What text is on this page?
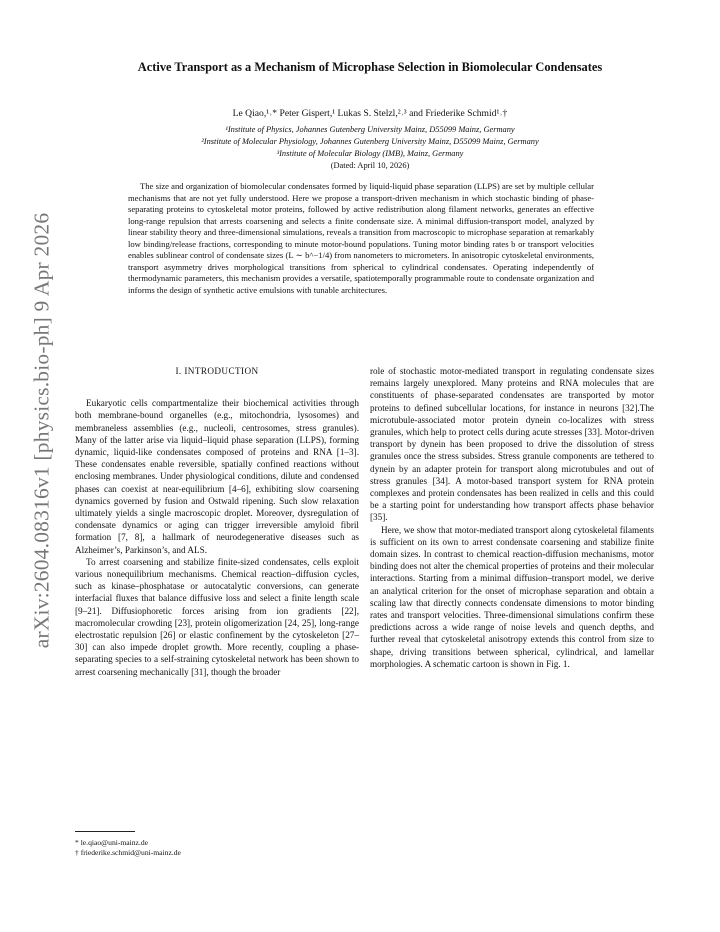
arXiv:2604.08316v1 [physics.bio-ph] 9 Apr 2026
Active Transport as a Mechanism of Microphase Selection in Biomolecular Condensates
Le Qiao,¹˒* Peter Gispert,¹ Lukas S. Stelzl,²˒³ and Friederike Schmid¹˒†
¹Institute of Physics, Johannes Gutenberg University Mainz, D55099 Mainz, Germany
²Institute of Molecular Physiology, Johannes Gutenberg University Mainz, D55099 Mainz, Germany
³Institute of Molecular Biology (IMB), Mainz, Germany
(Dated: April 10, 2026)
The size and organization of biomolecular condensates formed by liquid-liquid phase separation (LLPS) are set by multiple cellular mechanisms that are not yet fully understood. Here we propose a transport-driven mechanism in which stochastic binding of phase-separating proteins to cytoskeletal motor proteins, followed by active redistribution along filament networks, generates an effective long-range repulsion that arrests coarsening and selects a finite condensate size. A minimal diffusion-transport model, analyzed by linear stability theory and three-dimensional simulations, reveals a transition from macroscopic to microphase separation at remarkably low binding/release fractions, corresponding to minute motor-bound populations. Tuning motor binding rates b or transport velocities enables sublinear control of condensate sizes (L ∼ b^−1/4) from nanometers to micrometers. In anisotropic cytoskeletal environments, transport asymmetry drives morphological transitions from spherical to cylindrical condensates. Operating independently of thermodynamic parameters, this mechanism provides a versatile, spatiotemporally programmable route to condensate organization and informs the design of synthetic active emulsions with tunable architectures.
I. INTRODUCTION

Eukaryotic cells compartmentalize their biochemical activities through both membrane-bound organelles (e.g., mitochondria, lysosomes) and membraneless assemblies (e.g., nucleoli, centrosomes, stress granules). Many of the latter arise via liquid–liquid phase separation (LLPS), forming dynamic, liquid-like condensates composed of proteins and RNA [1–3]. These condensates enable reversible, spatially confined reactions without enclosing membranes. Under physiological conditions, dilute and condensed phases can coexist at near-equilibrium [4–6], exhibiting slow coarsening dynamics governed by fusion and Ostwald ripening. Such slow relaxation ultimately yields a single macroscopic droplet. Moreover, dysregulation of condensate dynamics or aging can trigger irreversible amyloid fibril formation [7, 8], a hallmark of neurodegenerative diseases such as Alzheimer’s, Parkinson’s, and ALS.

To arrest coarsening and stabilize finite-sized condensates, cells exploit various nonequilibrium mechanisms. Chemical reaction–diffusion cycles, such as kinase–phosphatase or autocatalytic conversions, can generate interfacial fluxes that balance diffusive loss and select a finite length scale [9–21]. Diffusiophoretic forces arising from ion gradients [22], macromolecular crowding [23], protein oligomerization [24, 25], long-range electrostatic repulsion [26] or elastic confinement by the cytoskeleton [27–30] can also impede droplet growth. More recently, coupling a phase-separating species to a self-straining cytoskeletal network has been shown to arrest coarsening mechanically [31], though the broader

role of stochastic motor-mediated transport in regulating condensate sizes remains largely unexplored. Many proteins and RNA molecules that are constituents of phase-separated condensates are transported by motor proteins to defined subcellular locations, for instance in neurons [32].The microtubule-associated motor protein dynein co-localizes with stress granules, which help to protect cells during acute stresses [33]. Motor-driven transport by dynein has been proposed to drive the dissolution of stress granules once the stress subsides. Stress granule components are tethered to dynein by an adapter protein for transport along microtubules and out of stress granules [34]. A motor-based transport system for RNA protein complexes and protein condensates has been realized in cells and this could be a starting point for understanding how transport affects phase behavior [35].

Here, we show that motor-mediated transport along cytoskeletal filaments is sufficient on its own to arrest condensate coarsening and stabilize finite domain sizes. In contrast to chemical reaction-diffusion mechanisms, motor binding does not alter the chemical properties of proteins and their molecular interactions. Starting from a minimal diffusion–transport model, we derive an analytical criterion for the onset of microphase separation and obtain a scaling law that directly connects condensate dimensions to motor binding rates and transport velocities. Three-dimensional simulations confirm these predictions across a wide range of noise levels and quench depths, and further reveal that cytoskeletal anisotropy extends this control from size to shape, driving transitions between spherical, cylindrical, and lamellar morphologies. A schematic cartoon is shown in Fig. 1.

* le.qiao@uni-mainz.de
† friederike.schmid@uni-mainz.de
